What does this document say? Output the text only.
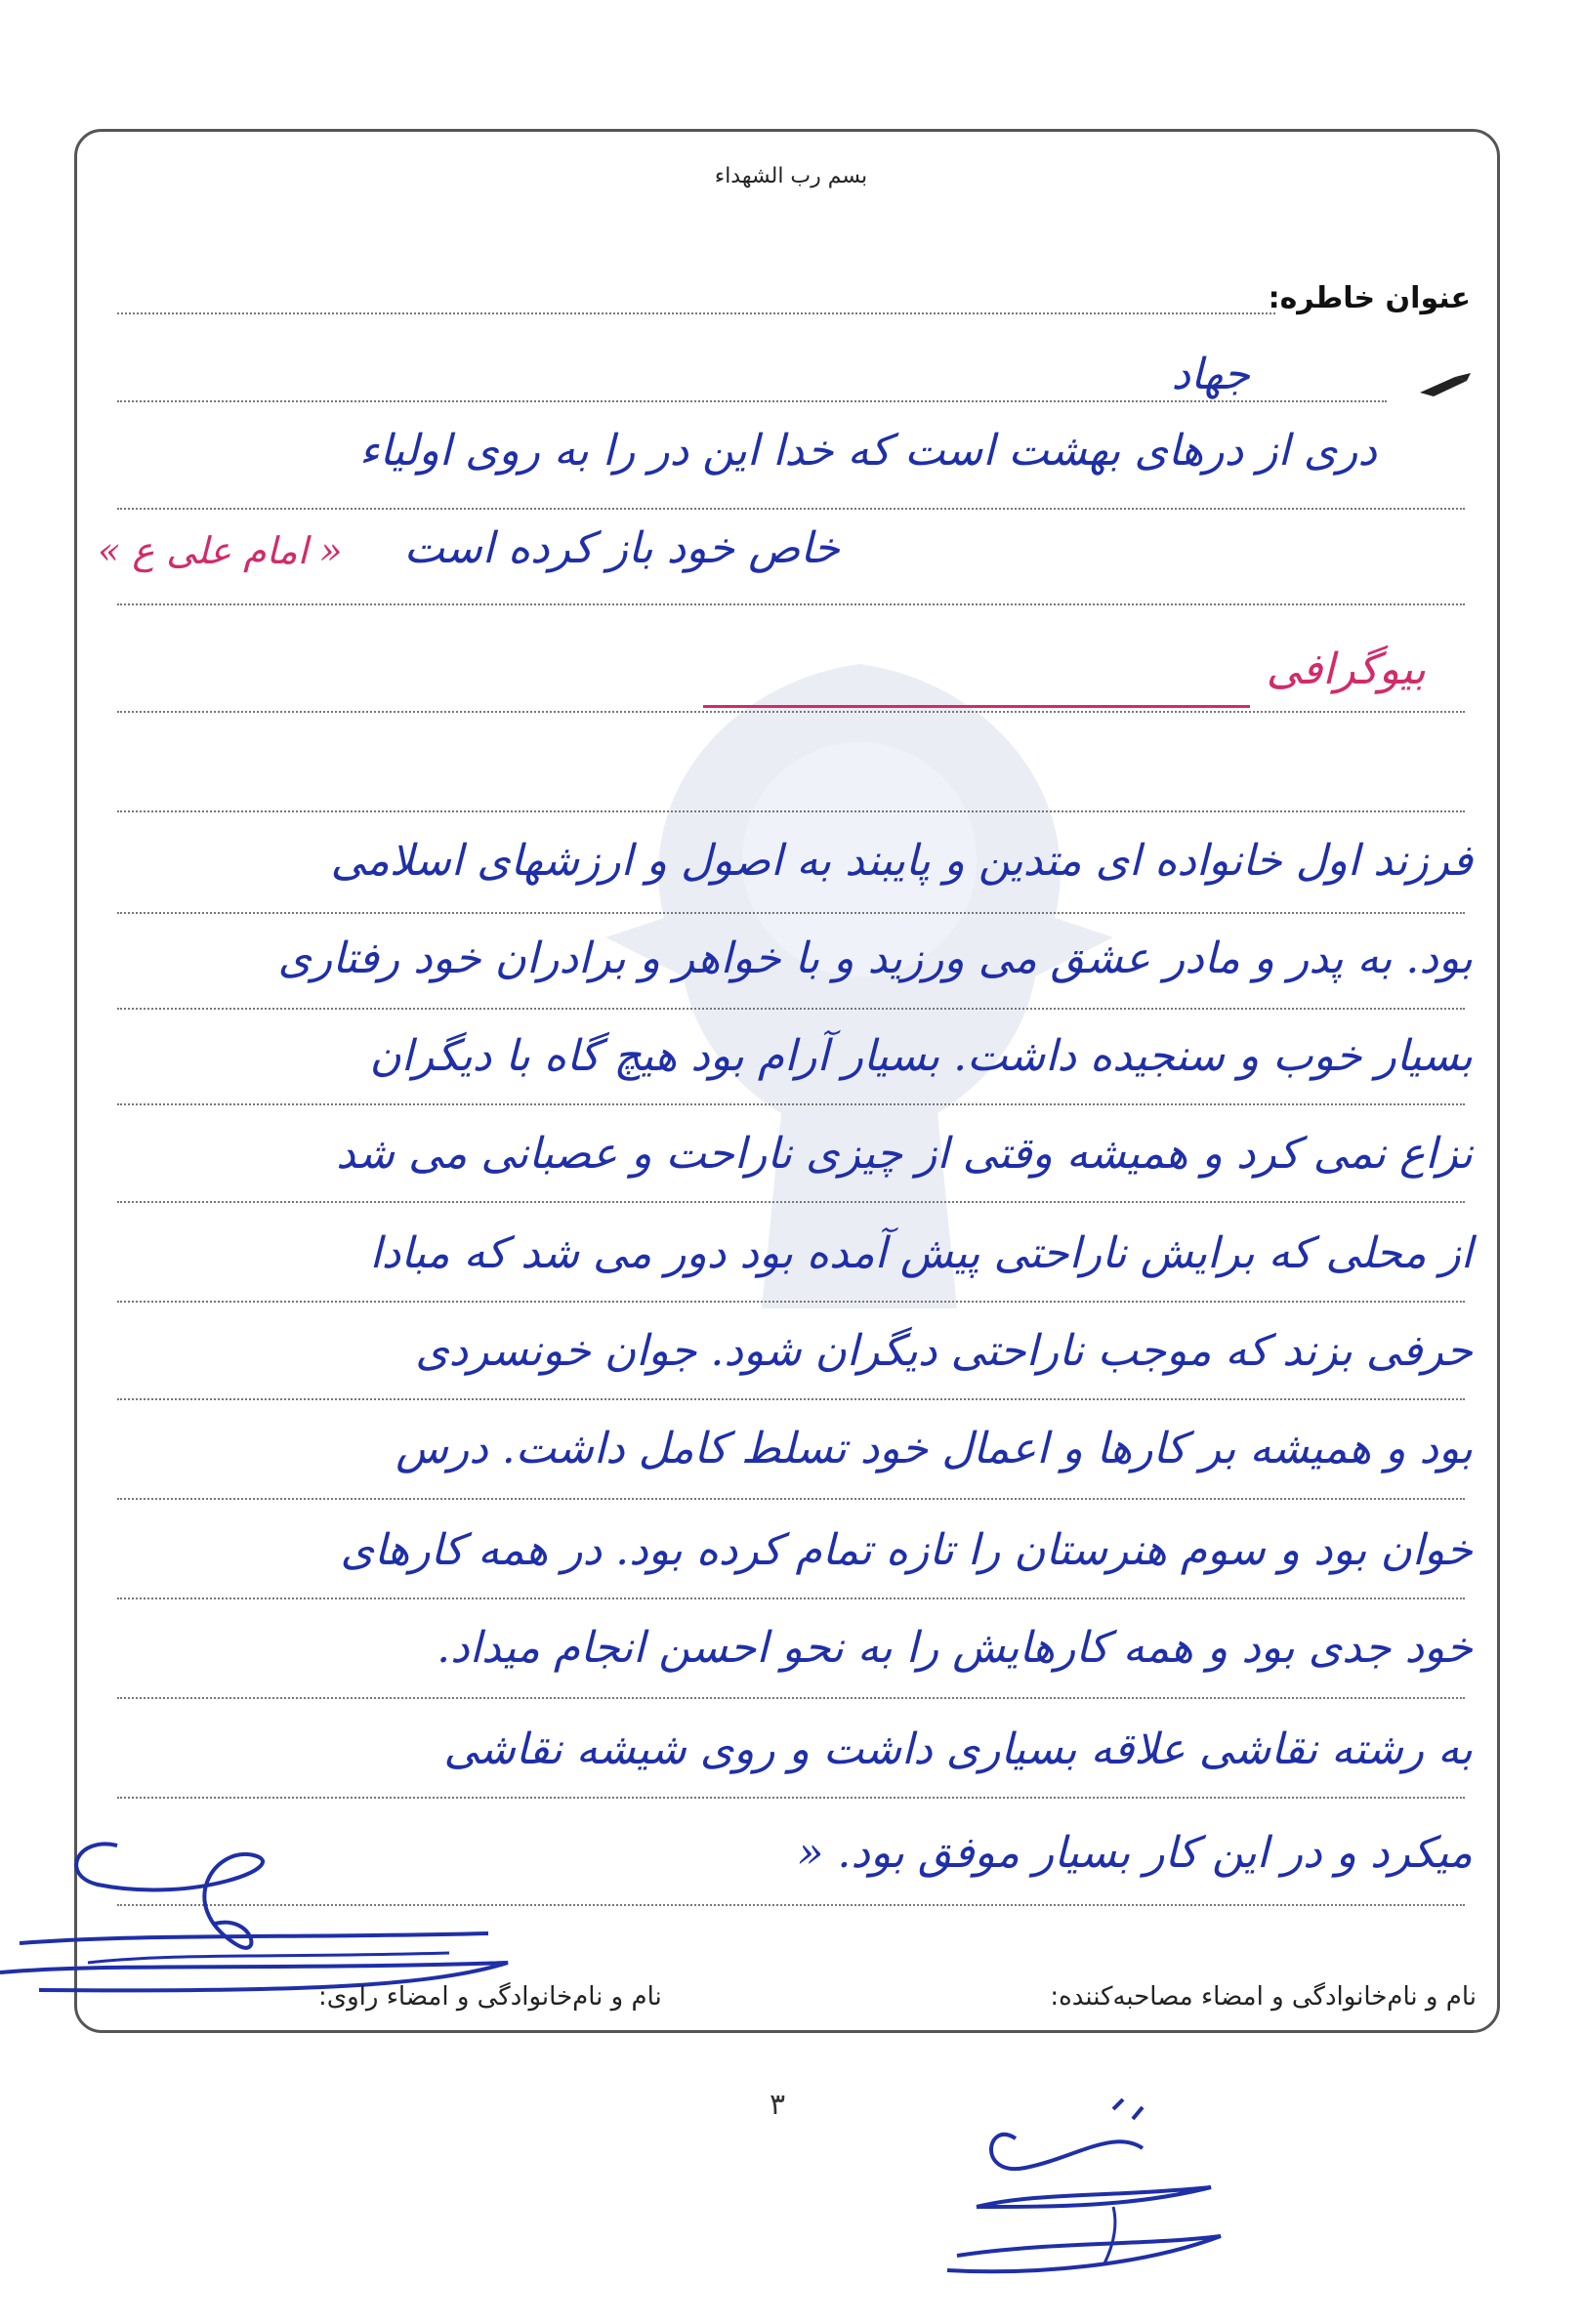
بسم رب الشهداء
عنوان خاطره:
جهاد
دری از درهای بهشت است که خدا این در را به روی اولیاء
خاص خود باز کرده است
« امام علی ع »
بیوگرافی
فرزند اول خانواده ای متدین و پایبند به اصول و ارزشهای اسلامی
بود. به پدر و مادر عشق می ورزید و با خواهر و برادران خود رفتاری
بسیار خوب و سنجیده داشت. بسیار آرام بود هیچ گاه با دیگران
نزاع نمی کرد و همیشه وقتی از چیزی ناراحت و عصبانی می شد
از محلی که برایش ناراحتی پیش آمده بود دور می شد که مبادا
حرفی بزند که موجب ناراحتی دیگران شود. جوان خونسردی
بود و همیشه بر کارها و اعمال خود تسلط کامل داشت. درس
خوان بود و سوم هنرستان را تازه تمام کرده بود. در همه کارهای
خود جدی بود و همه کارهایش را به نحو احسن انجام میداد.
به رشته نقاشی علاقه بسیاری داشت و روی شیشه نقاشی
میکرد و در این کار بسیار موفق بود. «
نام و نام‌خانوادگی و امضاء مصاحبه‌کننده:
نام و نام‌خانوادگی و امضاء راوی:
۳
